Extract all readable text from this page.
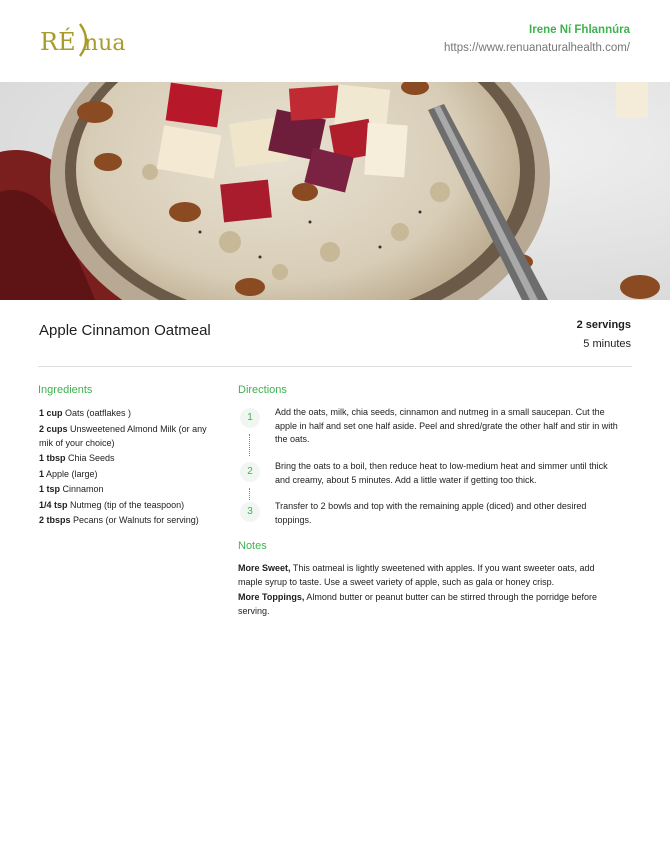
RÉ nua
Irene Ní Fhlannúra
https://www.renuanaturalhealth.com/
Apple Cinnamon Oatmeal	2 servings
5 minutes
Ingredients
1 cup Oats (oatflakes )
2 cups Unsweetened Almond Milk (or any mik of your choice)
1 tbsp Chia Seeds
1 Apple (large)
1 tsp Cinnamon
1/4 tsp Nutmeg (tip of the teaspoon)
2 tbsps Pecans (or Walnuts for serving)
Directions
1	Add the oats, milk, chia seeds, cinnamon and nutmeg in a small saucepan. Cut the apple in half and set one half aside. Peel and shred/grate the other half and stir in with the oats.
2	Bring the oats to a boil, then reduce heat to low-medium heat and simmer until thick and creamy, about 5 minutes. Add a little water if getting too thick.
3	Transfer to 2 bowls and top with the remaining apple (diced) and other desired toppings.
Notes

More Sweet, This oatmeal is lightly sweetened with apples. If you want sweeter oats, add maple syrup to taste. Use a sweet variety of apple, such as gala or honey crisp.

More Toppings, Almond butter or peanut butter can be stirred through the porridge before serving.
